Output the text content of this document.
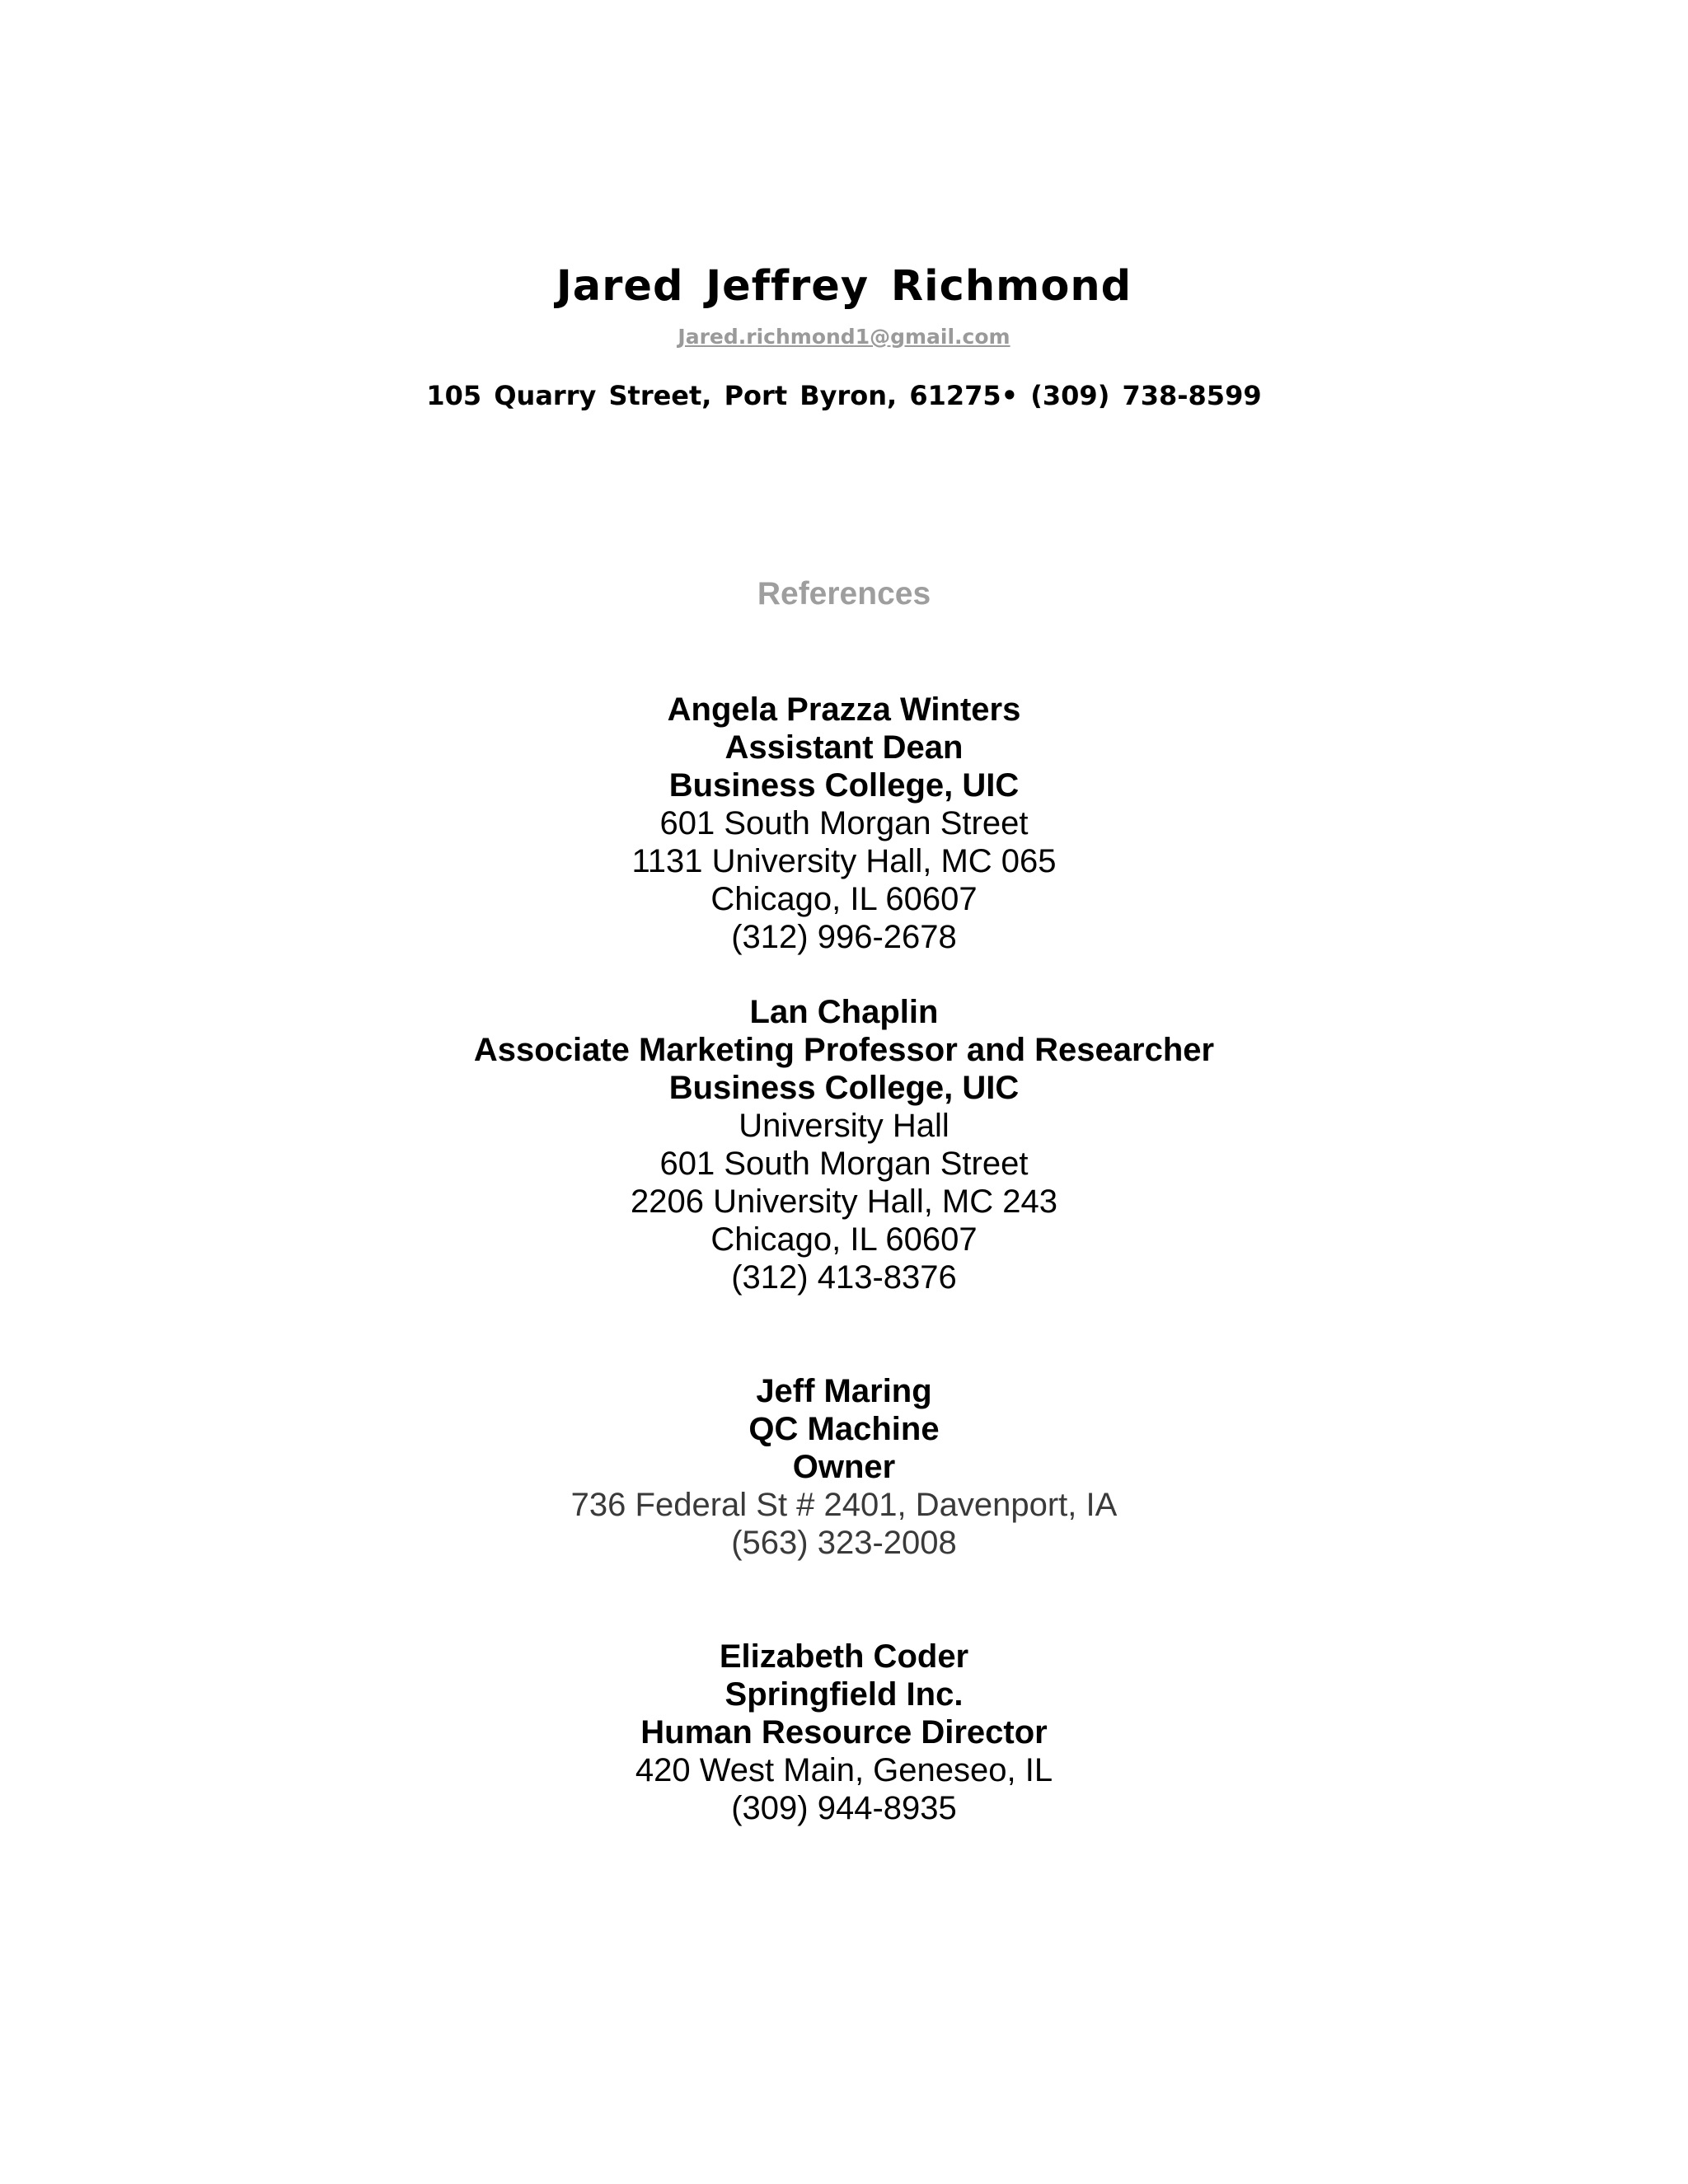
Jared Jeffrey Richmond
Jared.richmond1@gmail.com
105 Quarry Street, Port Byron, 61275• (309) 738-8599
References
Angela Prazza Winters
Assistant Dean
Business College, UIC
601 South Morgan Street
1131 University Hall, MC 065
Chicago, IL 60607
(312) 996-2678
Lan Chaplin
Associate Marketing Professor and Researcher
Business College, UIC
University Hall
601 South Morgan Street
2206 University Hall, MC 243
Chicago, IL 60607
(312) 413-8376
Jeff Maring
QC Machine
Owner
736 Federal St # 2401, Davenport, IA
(563) 323-2008
Elizabeth Coder
Springfield Inc.
Human Resource Director
420 West Main, Geneseo, IL
(309) 944-8935
